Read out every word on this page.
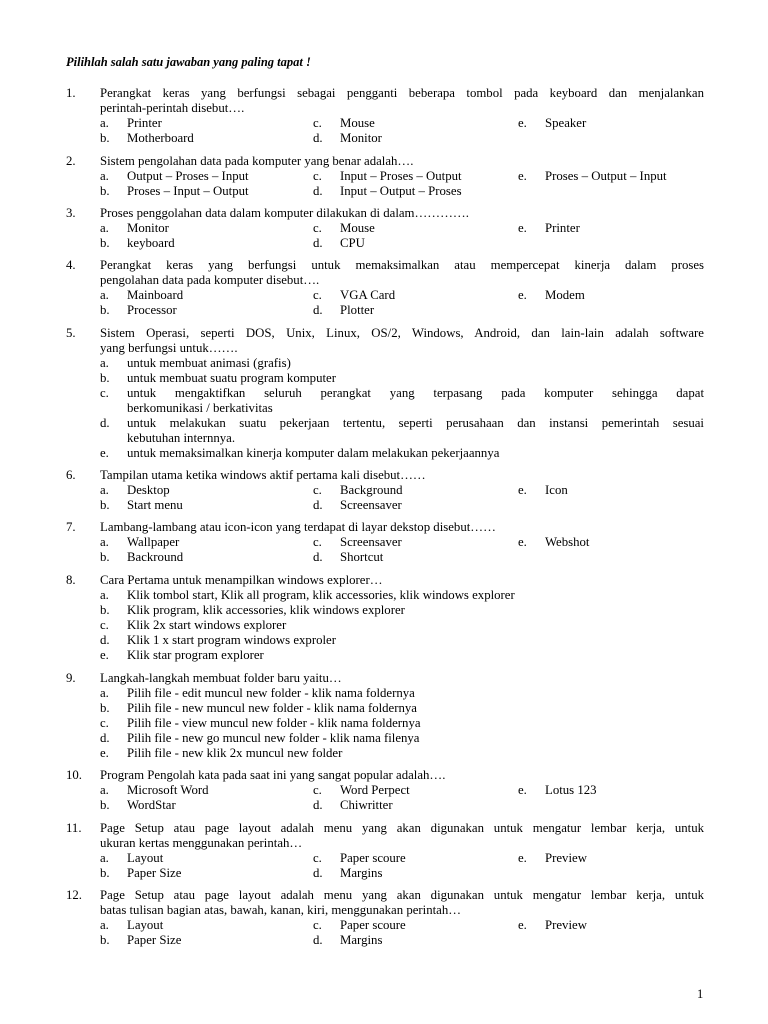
Pilihlah salah satu jawaban yang paling tapat !
1. Perangkat keras yang berfungsi sebagai pengganti beberapa tombol pada keyboard dan menjalankan
perintah-perintah disebut….
a. Printer	c. Mouse	e. Speaker
b. Motherboard	d. Monitor
2. Sistem pengolahan data pada komputer yang benar adalah….
a. Output – Proses – Input	c. Input – Proses – Output	e. Proses – Output – Input
b. Proses – Input – Output	d. Input – Output – Proses
3. Proses penggolahan data dalam komputer dilakukan di dalam………….
a. Monitor	c. Mouse	e. Printer
b. keyboard	d. CPU
4. Perangkat keras yang berfungsi untuk memaksimalkan atau mempercepat kinerja dalam proses
pengolahan data pada komputer disebut….
a. Mainboard	c. VGA Card	e. Modem
b. Processor	d. Plotter
5. Sistem Operasi, seperti DOS, Unix, Linux, OS/2, Windows, Android, dan lain-lain adalah software
yang berfungsi untuk…….
a. untuk membuat animasi (grafis)
b. untuk membuat suatu program komputer
c. untuk mengaktifkan seluruh perangkat yang terpasang pada komputer sehingga dapat
berkomunikasi / berkativitas
d. untuk melakukan suatu pekerjaan tertentu, seperti perusahaan dan instansi pemerintah sesuai
kebutuhan internnya.
e. untuk memaksimalkan kinerja komputer dalam melakukan pekerjaannya
6. Tampilan utama ketika windows aktif pertama kali disebut……
a. Desktop	c. Background	e. Icon
b. Start menu	d. Screensaver
7. Lambang-lambang atau icon-icon yang terdapat di layar dekstop disebut……
a. Wallpaper	c. Screensaver	e. Webshot
b. Backround	d. Shortcut
8. Cara Pertama untuk menampilkan windows explorer…
a. Klik tombol start, Klik all program, klik accessories, klik windows explorer
b. Klik program, klik accessories, klik windows explorer
c. Klik 2x start windows explorer
d. Klik 1 x start program windows exproler
e. Klik star program explorer
9. Langkah-langkah membuat folder baru yaitu…
a. Pilih file - edit muncul new folder - klik nama foldernya
b. Pilih file - new muncul new folder - klik nama foldernya
c. Pilih file - view muncul new folder - klik nama foldernya
d. Pilih file - new go muncul new folder - klik nama filenya
e. Pilih file - new klik 2x muncul new folder
10. Program Pengolah kata pada saat ini yang sangat popular adalah….
a. Microsoft Word	c. Word Perpect	e. Lotus 123
b. WordStar	d. Chiwritter
11. Page Setup atau page layout adalah menu yang akan digunakan untuk mengatur lembar kerja, untuk
ukuran kertas menggunakan perintah…
a. Layout	c. Paper scoure	e. Preview
b. Paper Size	d. Margins
12. Page Setup atau page layout adalah menu yang akan digunakan untuk mengatur lembar kerja, untuk
batas tulisan bagian atas, bawah, kanan, kiri, menggunakan perintah…
a. Layout	c. Paper scoure	e. Preview
b. Paper Size	d. Margins
1
